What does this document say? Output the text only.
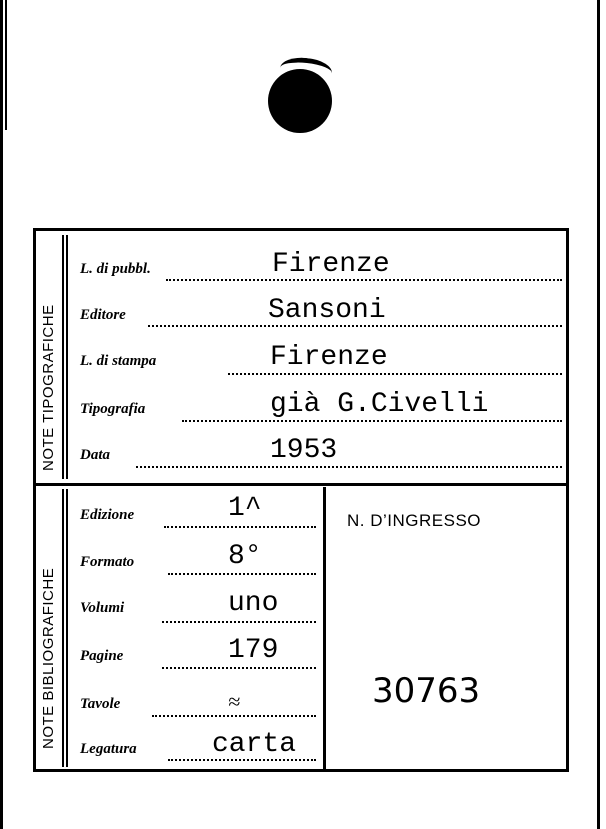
NOTE TIPOGRAFICHE
NOTE BIBLIOGRAFICHE
L. di pubbl.	Firenze
Editore	Sansoni
L. di stampa	Firenze
Tipografia	già G.Civelli
Data	1953
Edizione	1^
Formato	8°
Volumi	uno
Pagine	179
Tavole	≈
Legatura	carta
N. D’INGRESSO
30763
